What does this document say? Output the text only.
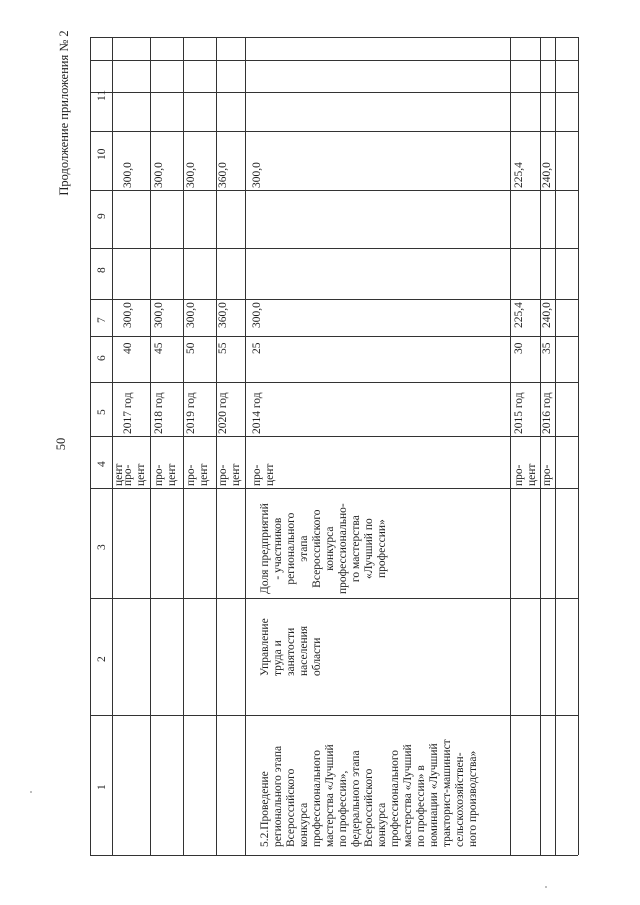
Продолжение приложения № 2
50
1
2
3
4
5
6
7
8
9
10
11
цент
про-
цент
2017 год
40
300,0
300,0
про-
цент
2018 год
45
300,0
300,0
про-
цент
2019 год
50
300,0
300,0
про-
цент
2020 год
55
360,0
360,0
5.2.Проведение
регионального этапа
Всероссийского
конкурса
профессионального
мастерства «Лучший
по профессии»,
федерального этапа
Всероссийского
конкурса
профессионального
мастерства «Лучший
по профессии» в
номинации «Лучший
тракторист-машинист
сельскохозяйствен-
ного производства»
Управление
труда и
занятости
населения
области
Доля предприятий
- участников
регионального
этапа
Всероссийского
конкурса
профессионально-
го мастерства
«Лучший по
профессии»
про-
цент
2014 год
25
300,0
300,0
про-
цент
2015 год
30
225,4
225,4
про-
2016 год
35
240,0
240,0
